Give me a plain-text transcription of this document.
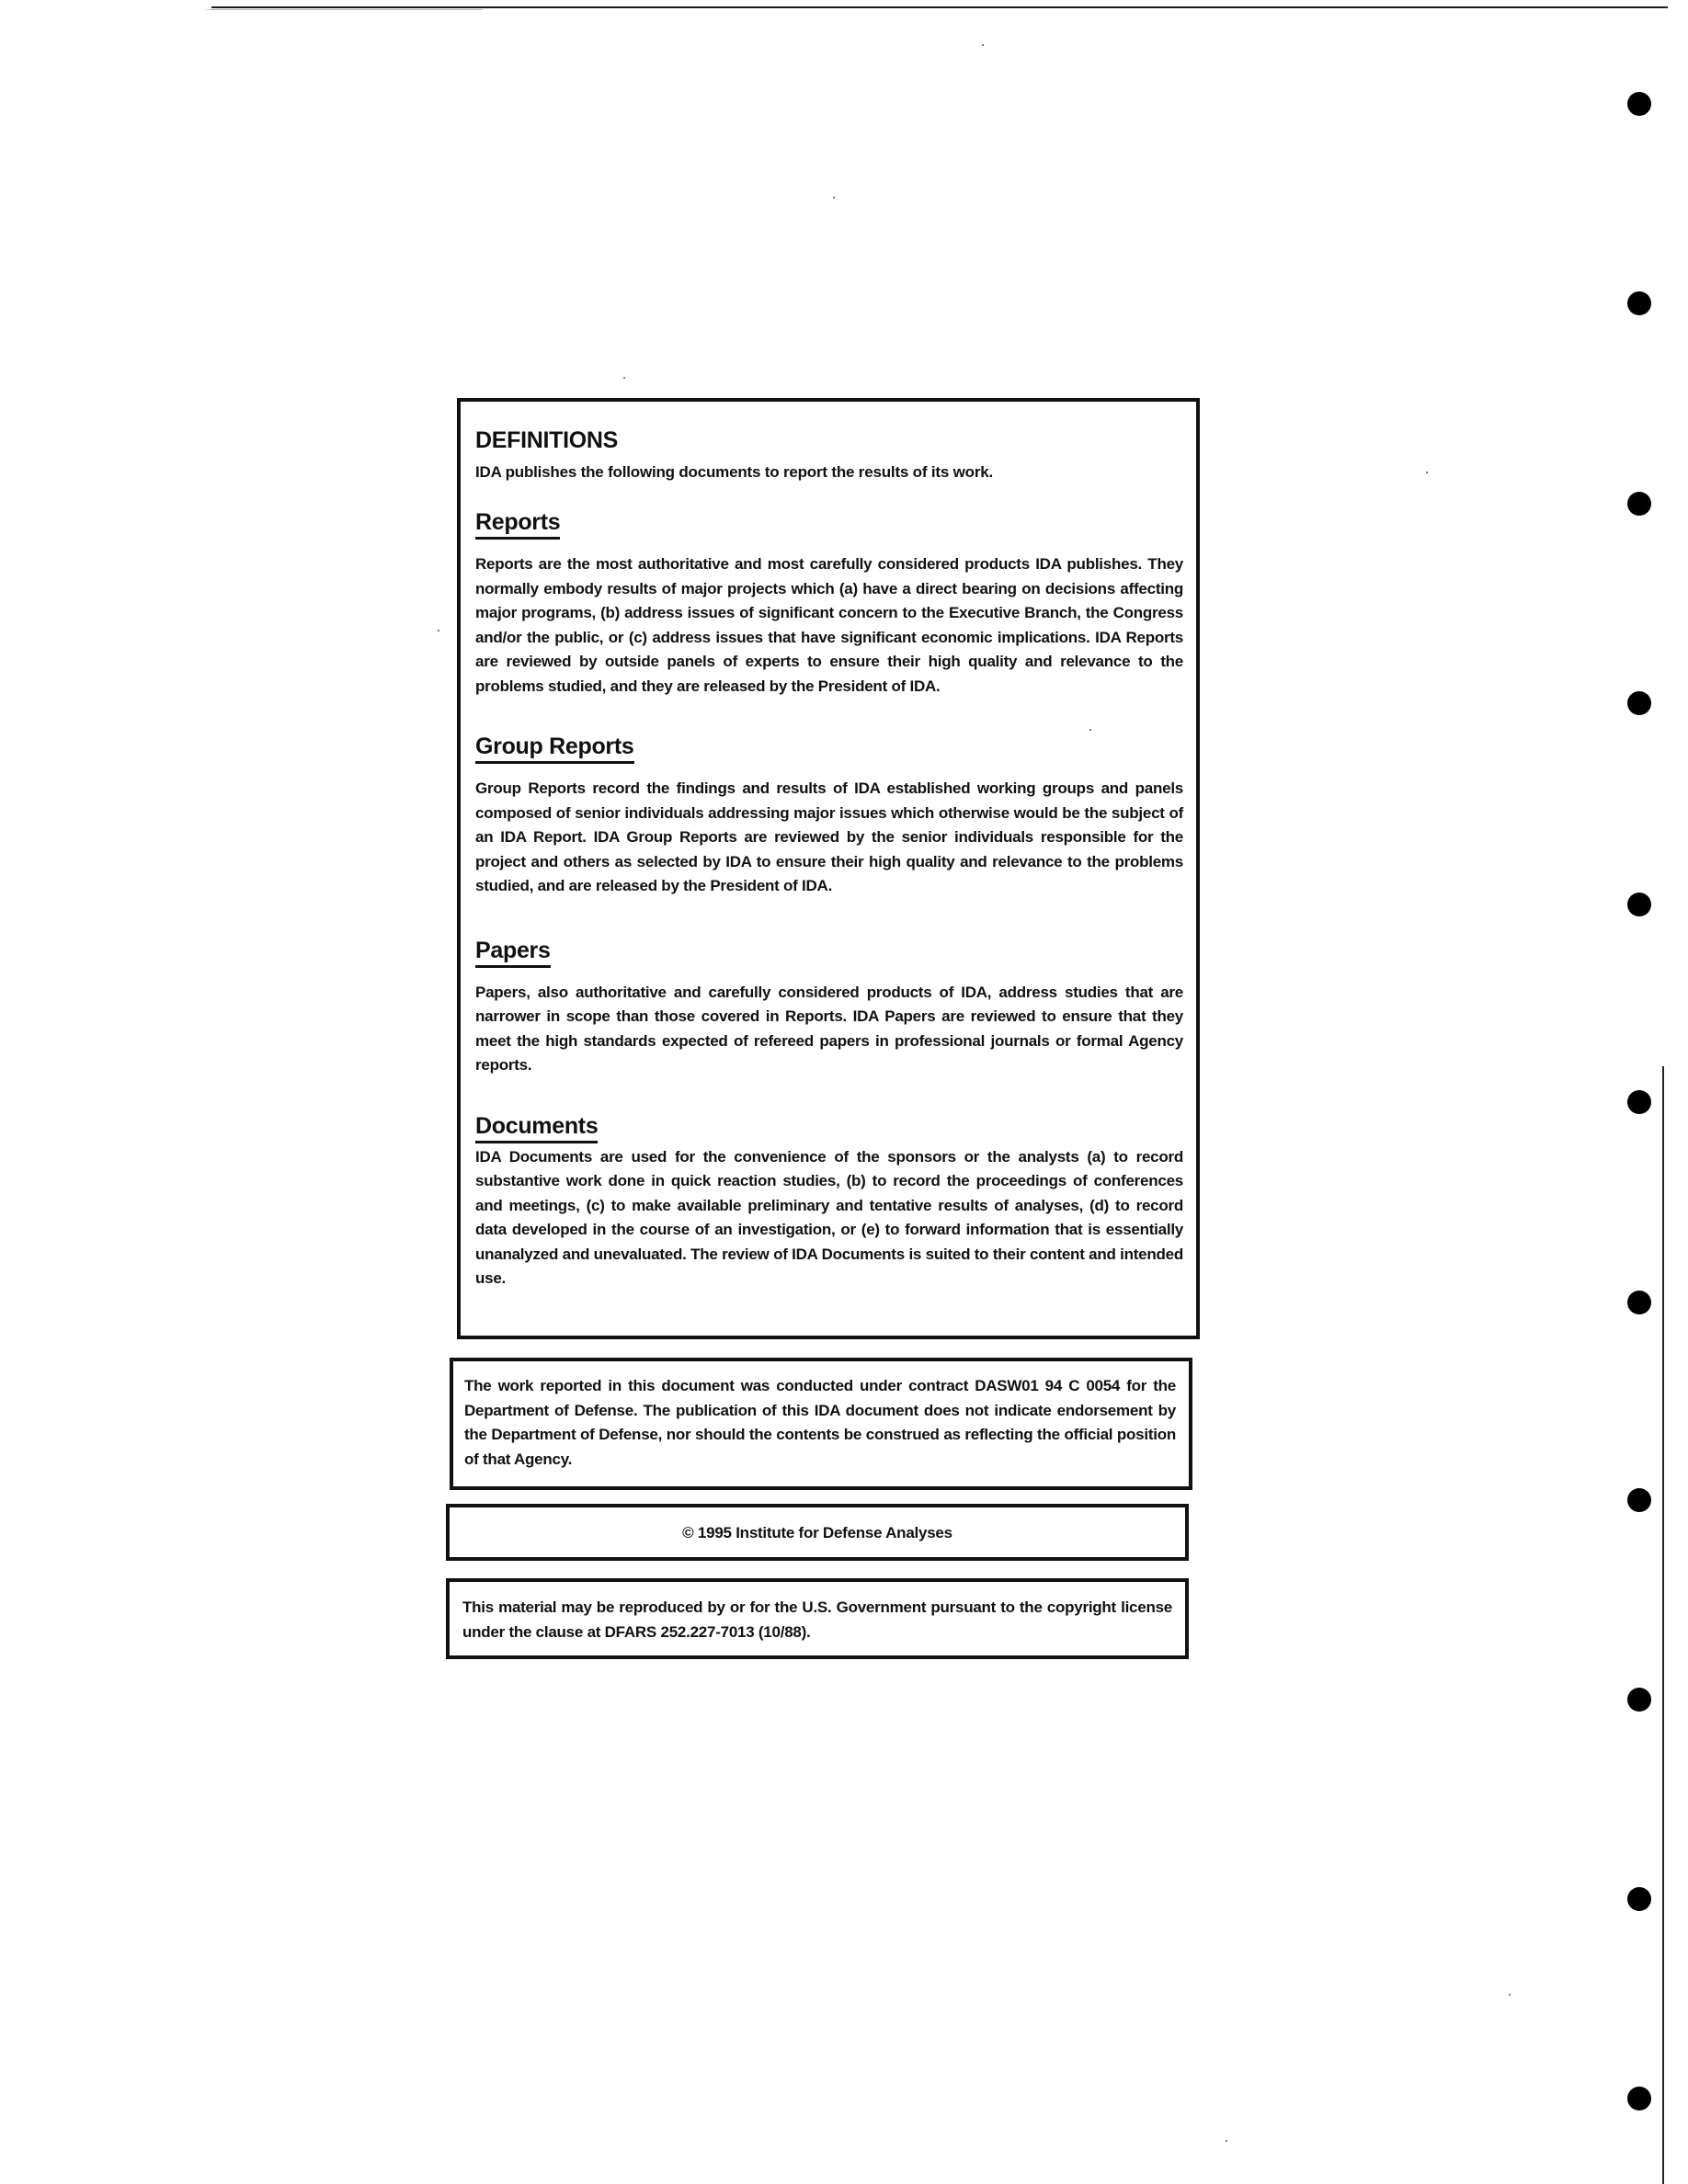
DEFINITIONS

IDA publishes the following documents to report the results of its work.

Reports

Reports are the most authoritative and most carefully considered products IDA publishes. They normally embody results of major projects which (a) have a direct bearing on decisions affecting major programs, (b) address issues of significant concern to the Executive Branch, the Congress and/or the public, or (c) address issues that have significant economic implications. IDA Reports are reviewed by outside panels of experts to ensure their high quality and relevance to the problems studied, and they are released by the President of IDA.

Group Reports

Group Reports record the findings and results of IDA established working groups and panels composed of senior individuals addressing major issues which otherwise would be the subject of an IDA Report. IDA Group Reports are reviewed by the senior individuals responsible for the project and others as selected by IDA to ensure their high quality and relevance to the problems studied, and are released by the President of IDA.

Papers

Papers, also authoritative and carefully considered products of IDA, address studies that are narrower in scope than those covered in Reports. IDA Papers are reviewed to ensure that they meet the high standards expected of refereed papers in professional journals or formal Agency reports.

Documents

IDA Documents are used for the convenience of the sponsors or the analysts (a) to record substantive work done in quick reaction studies, (b) to record the proceedings of conferences and meetings, (c) to make available preliminary and tentative results of analyses, (d) to record data developed in the course of an investigation, or (e) to forward information that is essentially unanalyzed and unevaluated. The review of IDA Documents is suited to their content and intended use.

The work reported in this document was conducted under contract DASW01 94 C 0054 for the Department of Defense. The publication of this IDA document does not indicate endorsement by the Department of Defense, nor should the contents be construed as reflecting the official position of that Agency.

© 1995 Institute for Defense Analyses

This material may be reproduced by or for the U.S. Government pursuant to the copyright license under the clause at DFARS 252.227-7013 (10/88).
